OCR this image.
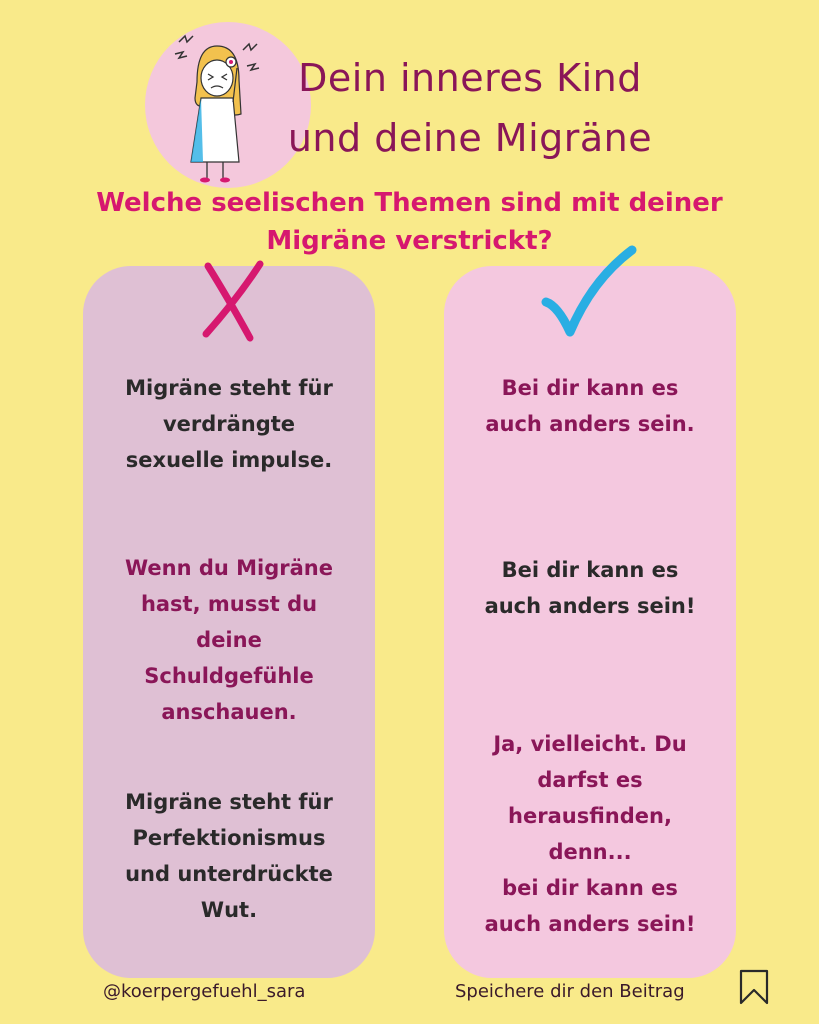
Dein inneres Kind
und deine Migräne
Welche seelischen Themen sind mit deiner
Migräne verstrickt?
Migräne steht für
verdrängte
sexuelle impulse.
Wenn du Migräne
hast, musst du
deine
Schuldgefühle
anschauen.
Migräne steht für
Perfektionismus
und unterdrückte
Wut.
Bei dir kann es
auch anders sein.
Bei dir kann es
auch anders sein!
Ja, vielleicht. Du
darfst es
herausfinden,
denn...
bei dir kann es
auch anders sein!
@koerpergefuehl_sara	Speichere dir den Beitrag
